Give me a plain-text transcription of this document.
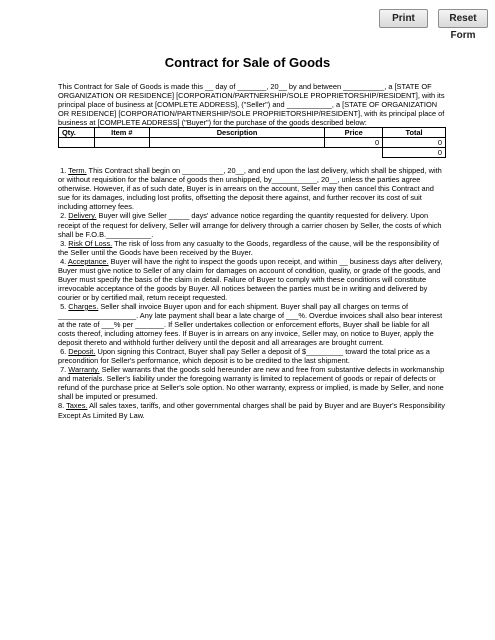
Print	Reset Form
Contract for Sale of Goods

This Contract for Sale of Goods is made this __ day of _______, 20__ by and between __________, a [STATE OF ORGANIZATION OR RESIDENCE] [CORPORATION/PARTNERSHIP/SOLE PROPRIETORSHIP/RESIDENT], with its principal place of business at [COMPLETE ADDRESS], ("Seller") and ___________, a [STATE OF ORGANIZATION OR RESIDENCE] [CORPORATION/PARTNERSHIP/SOLE PROPRIETORSHIP/RESIDENT], with its principal place of business at [COMPLETE ADDRESS] ("Buyer") for the purchase of the goods described below:

Qty.	Item #	Description	Price	Total
			0	0
				0

1. Term. This Contract shall begin on __________, 20__, and end upon the last delivery, which shall be shipped, with or without requisition for the balance of goods then unshipped, by___________, 20__, unless the parties agree otherwise. However, if as of such date, Buyer is in arrears on the account, Seller may then cancel this Contract and sue for its damages, including lost profits, offsetting the deposit there against, and further recover its cost of suit including attorney fees.

2. Delivery. Buyer will give Seller _____ days' advance notice regarding the quantity requested for delivery. Upon receipt of the request for delivery, Seller will arrange for delivery through a carrier chosen by Seller, the costs of which shall be F.O.B.___________.

3. Risk Of Loss. The risk of loss from any casualty to the Goods, regardless of the cause, will be the responsibility of the Seller until the Goods have been received by the Buyer.

4. Acceptance. Buyer will have the right to inspect the goods upon receipt, and within __ business days after delivery, Buyer must give notice to Seller of any claim for damages on account of condition, quality, or grade of the goods, and Buyer must specify the basis of the claim in detail. Failure of Buyer to comply with these conditions will constitute irrevocable acceptance of the goods by Buyer. All notices between the parties must be in writing and delivered by courier or by certified mail, return receipt requested.

5. Charges. Seller shall invoice Buyer upon and for each shipment. Buyer shall pay all charges on terms of ___________________. Any late payment shall bear a late charge of ___%. Overdue invoices shall also bear interest at the rate of ___% per _______. If Seller undertakes collection or enforcement efforts, Buyer shall be liable for all costs thereof, including attorney fees. If Buyer is in arrears on any invoice, Seller may, on notice to Buyer, apply the deposit thereto and withhold further delivery until the deposit and all arrearages are brought current.

6. Deposit. Upon signing this Contract, Buyer shall pay Seller a deposit of $_________ toward the total price as a precondition for Seller's performance, which deposit is to be credited to the last shipment.

7. Warranty. Seller warrants that the goods sold hereunder are new and free from substantive defects in workmanship and materials. Seller's liability under the foregoing warranty is limited to replacement of goods or repair of defects or refund of the purchase price at Seller's sole option. No other warranty, express or implied, is made by Seller, and none shall be imputed or presumed.

8. Taxes. All sales taxes, tariffs, and other governmental charges shall be paid by Buyer and are Buyer's Responsibility Except As Limited By Law.
